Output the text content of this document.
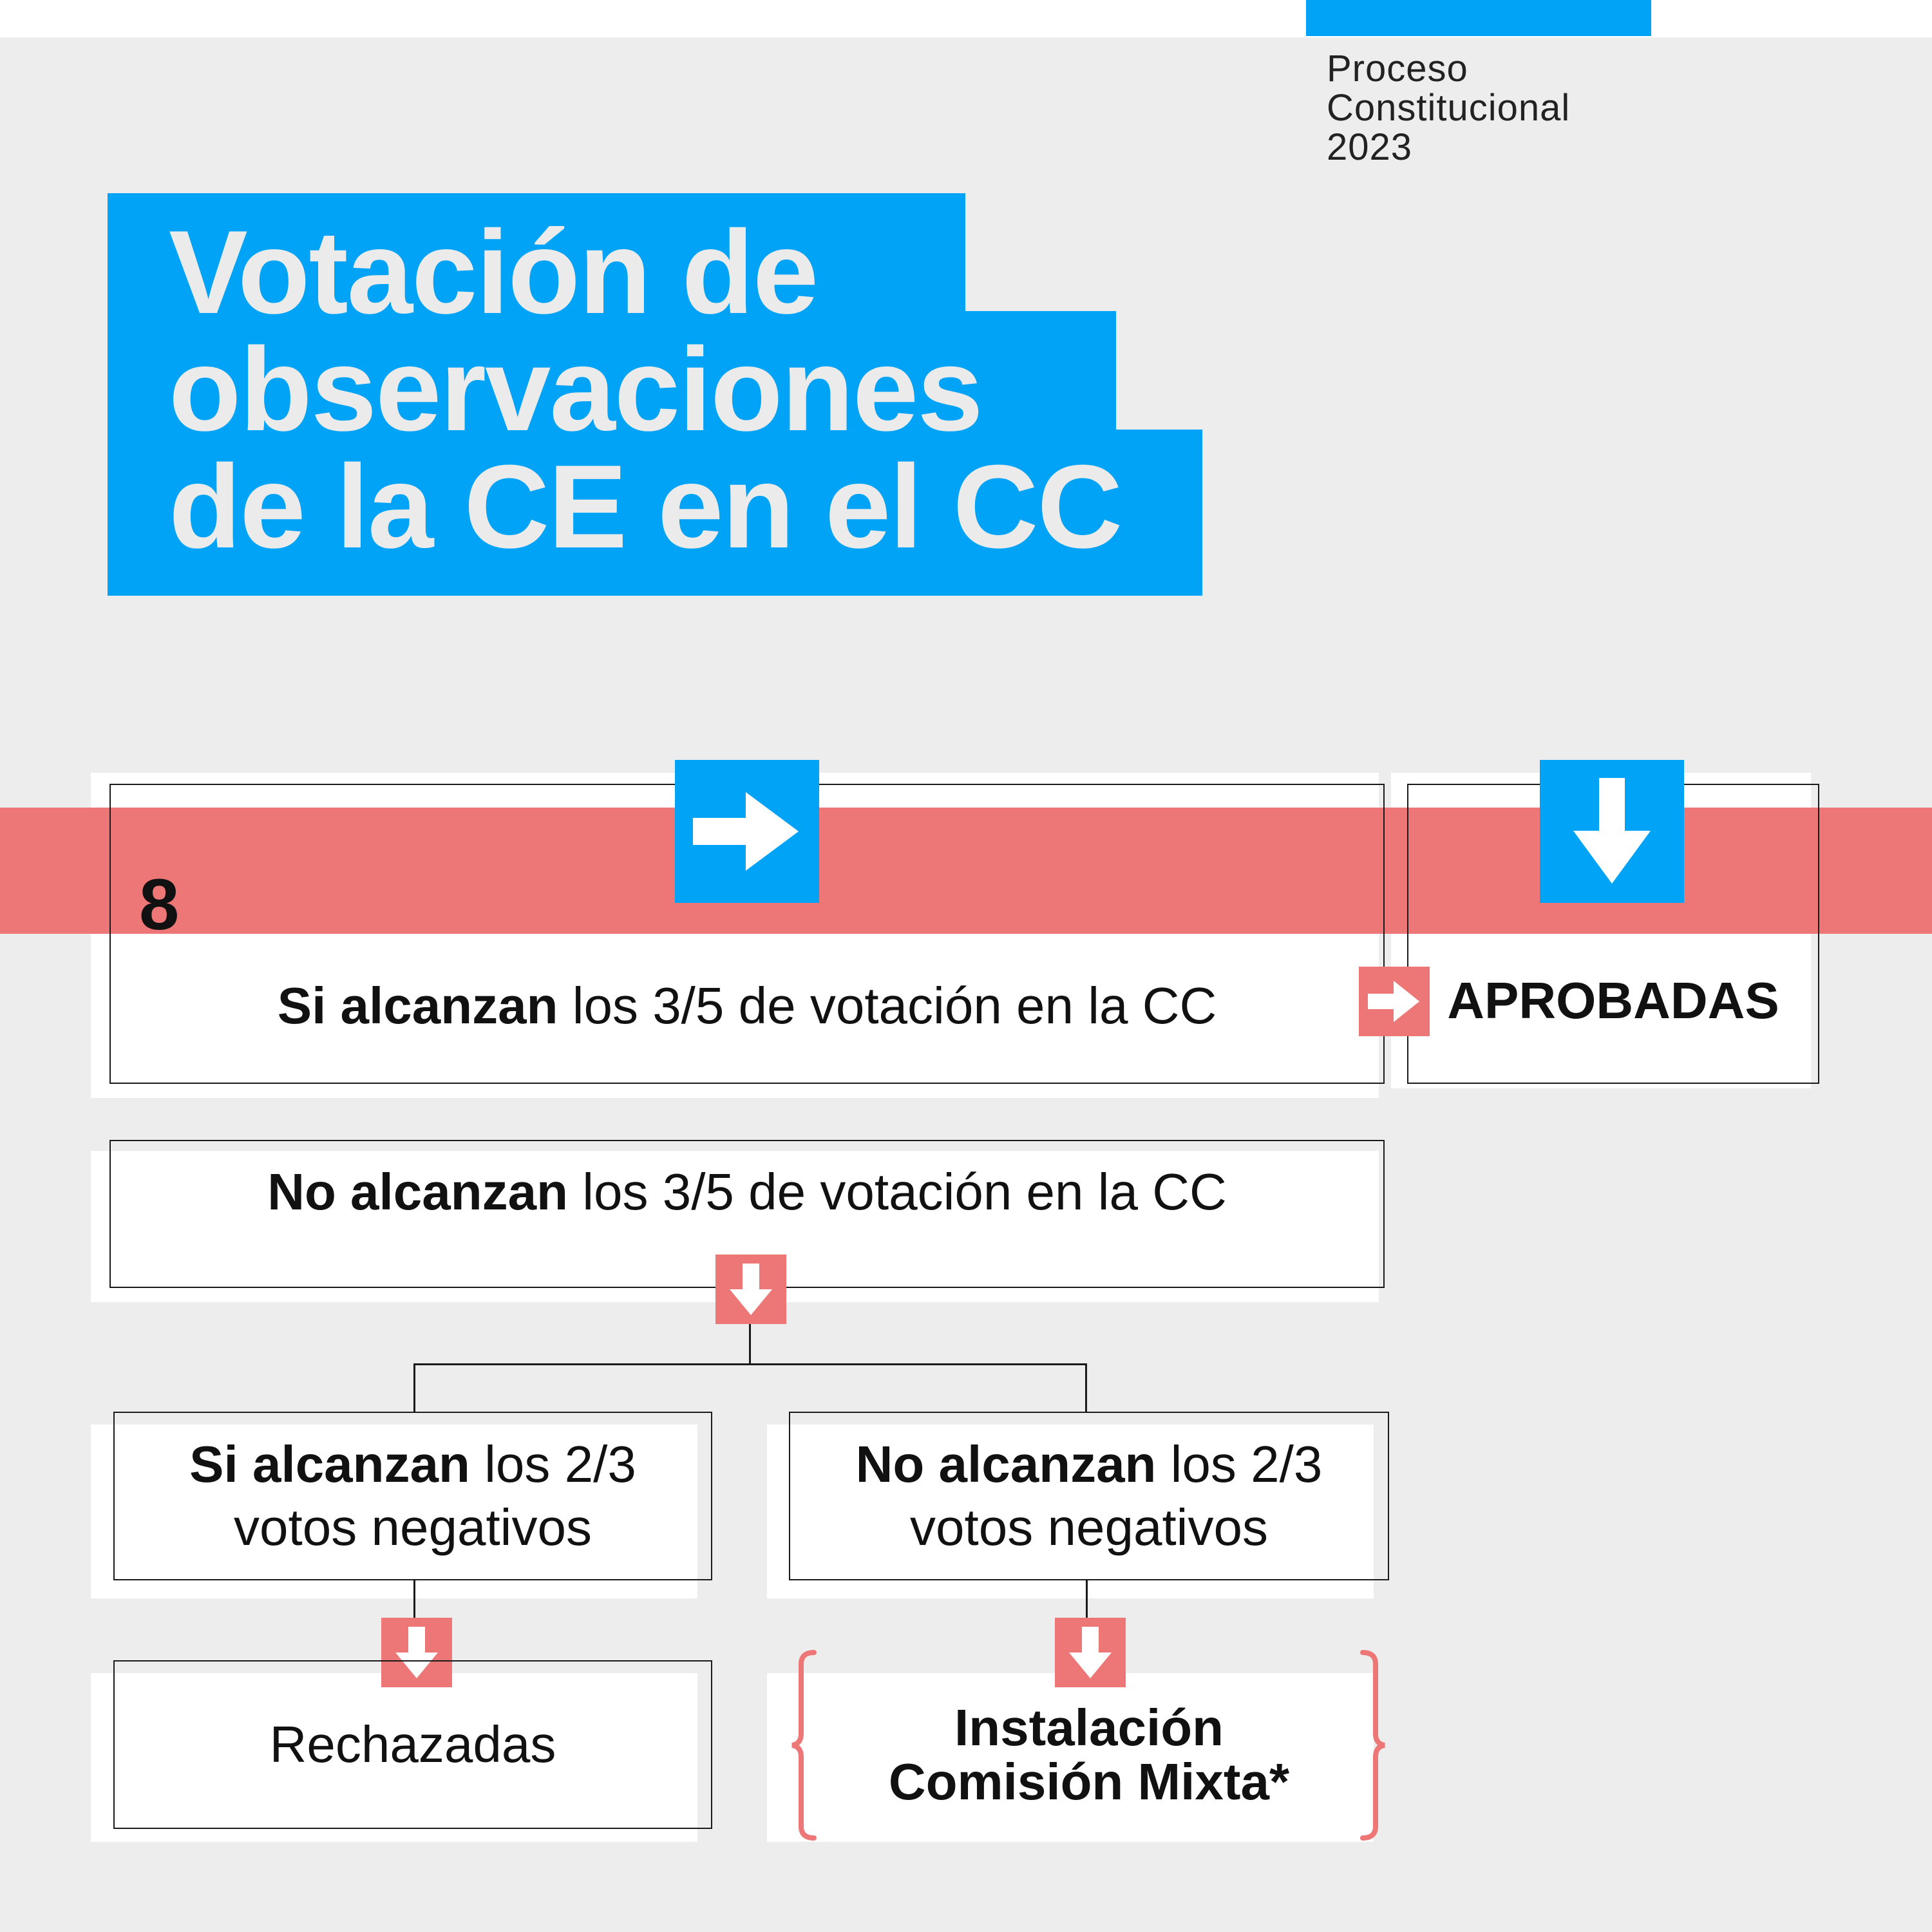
Proceso
Constitucional
2023
Votación de
observaciones
de la CE en el CC
Si alcanzan los 3/5 de votación en la CC
8
APROBADAS
No alcanzan los 3/5 de votación en la CC
Si alcanzan los 2/3
votos negativos
No alcanzan los 2/3
votos negativos
Rechazadas	Instalación
Comisión Mixta*
